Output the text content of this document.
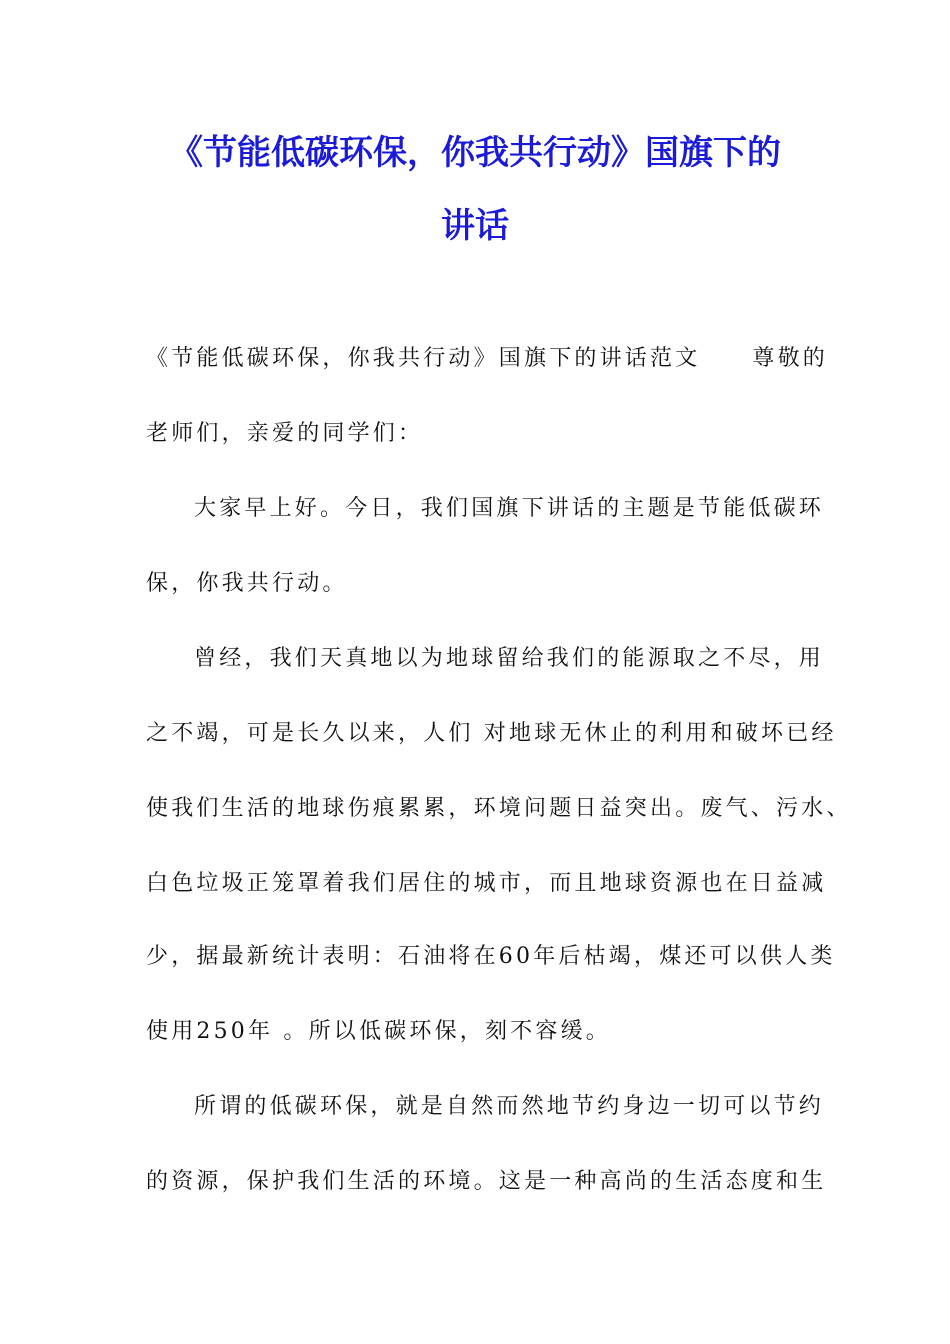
《节能低碳环保，你我共行动》国旗下的
讲话
《节能低碳环保，你我共行动》国旗下的讲话范文 尊敬的
老师们，亲爱的同学们：
大家早上好。今日，我们国旗下讲话的主题是节能低碳环
保，你我共行动。
曾经，我们天真地以为地球留给我们的能源取之不尽，用
之不竭，可是长久以来，人们 对地球无休止的利用和破坏已经
使我们生活的地球伤痕累累，环境问题日益突出。废气、污水、
白色垃圾正笼罩着我们居住的城市，而且地球资源也在日益减
少，据最新统计表明：石油将在60年后枯竭，煤还可以供人类
使用250年 。所以低碳环保，刻不容缓。
所谓的低碳环保，就是自然而然地节约身边一切可以节约
的资源，保护我们生活的环境。这是一种高尚的生活态度和生
